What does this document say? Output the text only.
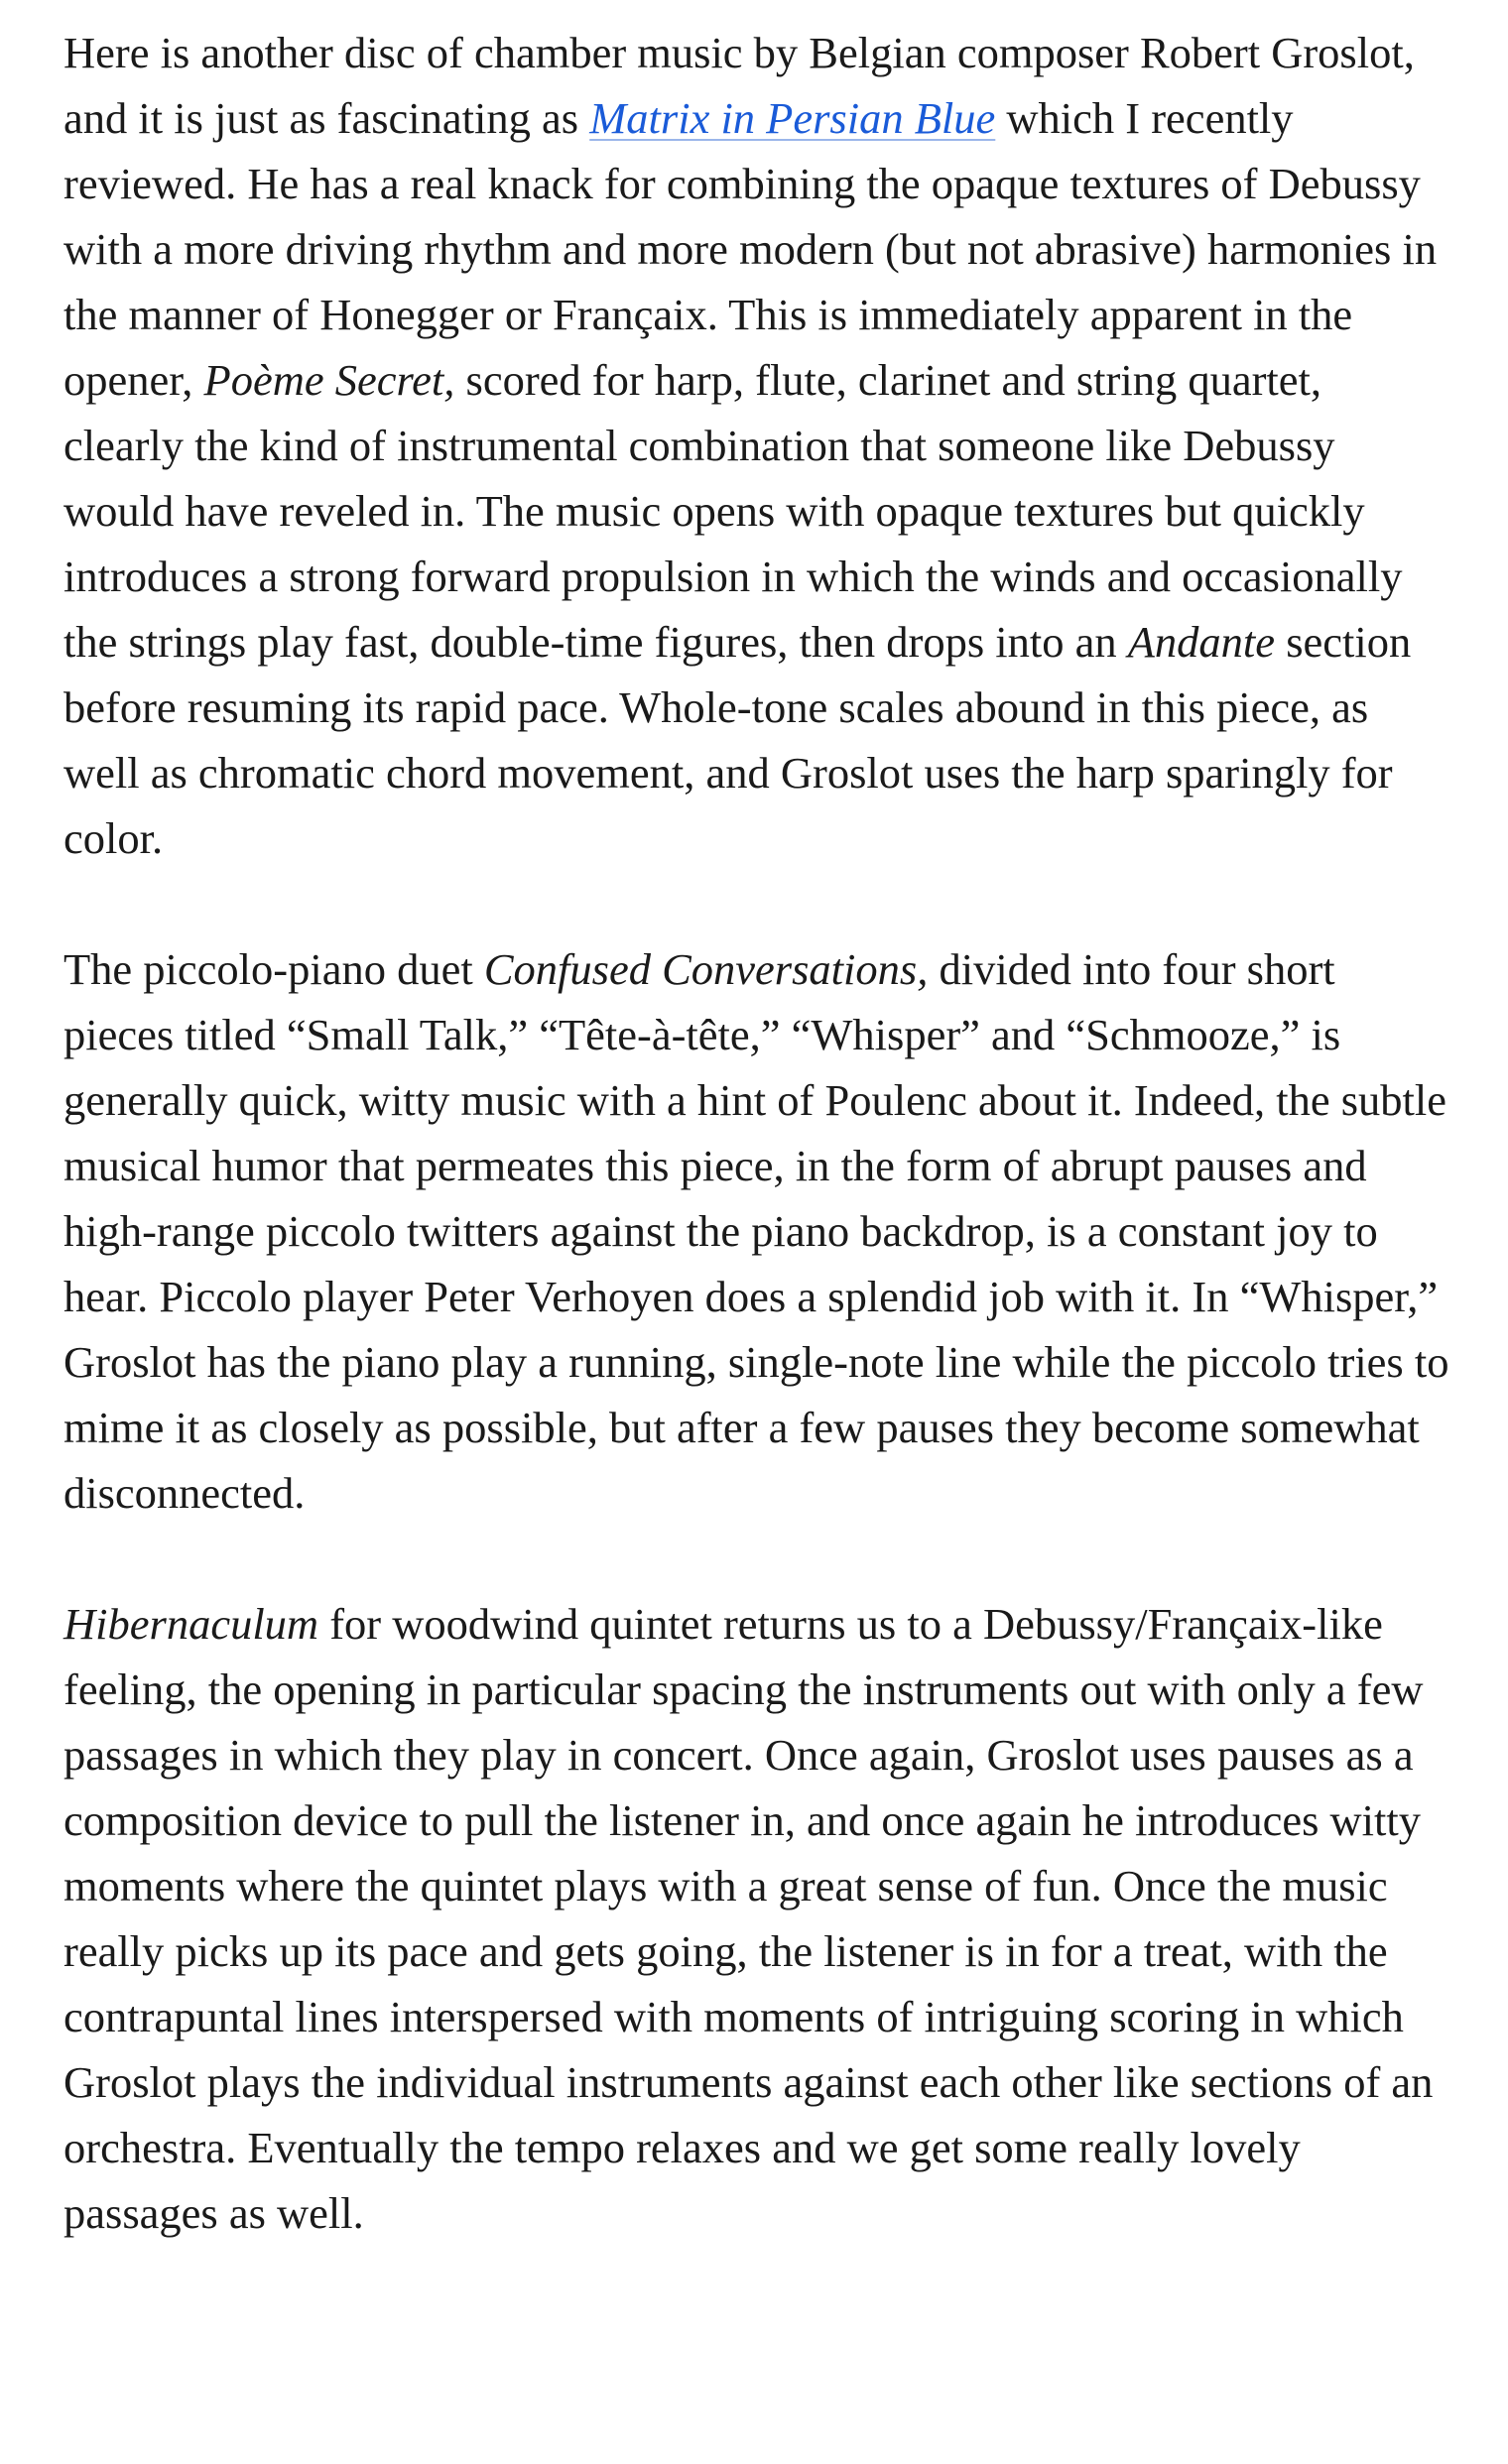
Here is another disc of chamber music by Belgian composer Robert Groslot, and it is just as fascinating as Matrix in Persian Blue which I recently reviewed. He has a real knack for combining the opaque textures of Debussy with a more driving rhythm and more modern (but not abrasive) harmonies in the manner of Honegger or Françaix. This is immediately apparent in the opener, Poème Secret, scored for harp, flute, clarinet and string quartet, clearly the kind of instrumental combination that someone like Debussy would have reveled in. The music opens with opaque textures but quickly introduces a strong forward propulsion in which the winds and occasionally the strings play fast, double-time figures, then drops into an Andante section before resuming its rapid pace. Whole-tone scales abound in this piece, as well as chromatic chord movement, and Groslot uses the harp sparingly for color.

The piccolo-piano duet Confused Conversations, divided into four short pieces titled “Small Talk,” “Tête-à-tête,” “Whisper” and “Schmooze,” is generally quick, witty music with a hint of Poulenc about it. Indeed, the subtle musical humor that permeates this piece, in the form of abrupt pauses and high-range piccolo twitters against the piano backdrop, is a constant joy to hear. Piccolo player Peter Verhoyen does a splendid job with it. In “Whisper,” Groslot has the piano play a running, single-note line while the piccolo tries to mime it as closely as possible, but after a few pauses they become somewhat disconnected.

Hibernaculum for woodwind quintet returns us to a Debussy/Françaix-like feeling, the opening in particular spacing the instruments out with only a few passages in which they play in concert. Once again, Groslot uses pauses as a composition device to pull the listener in, and once again he introduces witty moments where the quintet plays with a great sense of fun. Once the music really picks up its pace and gets going, the listener is in for a treat, with the contrapuntal lines interspersed with moments of intriguing scoring in which Groslot plays the individual instruments against each other like sections of an orchestra. Eventually the tempo relaxes and we get some really lovely passages as well.
